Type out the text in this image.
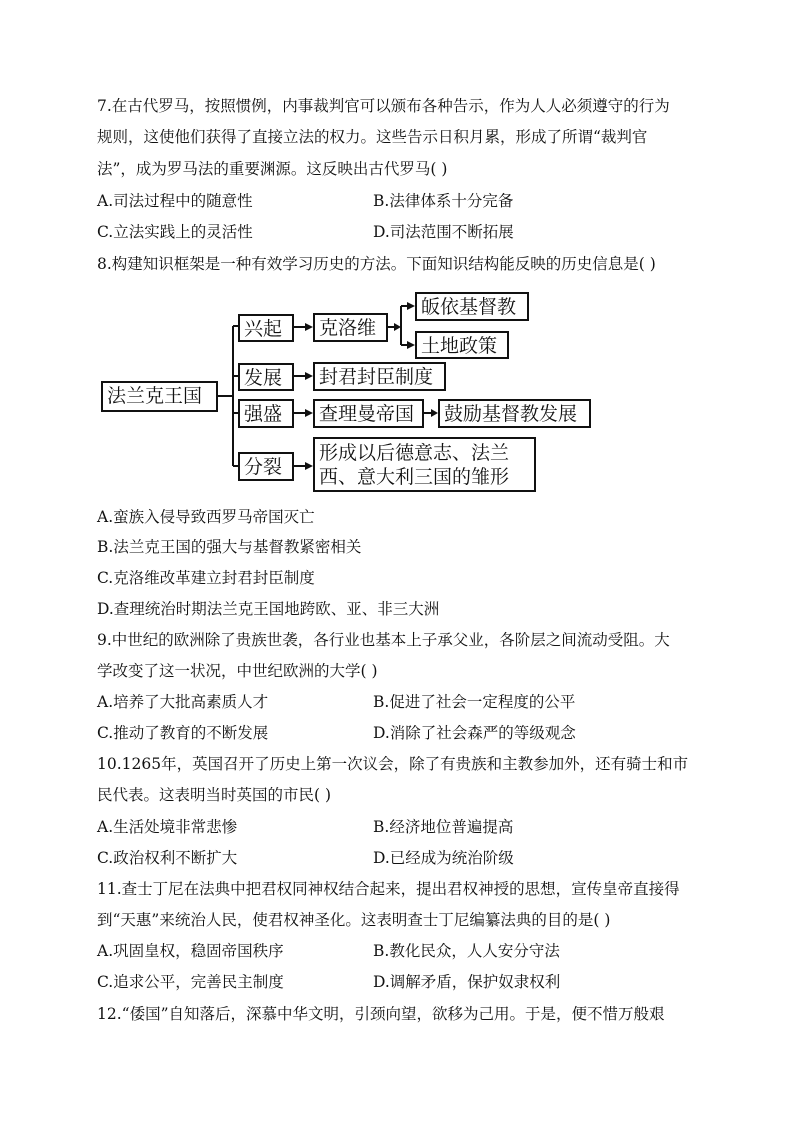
7.在古代罗马，按照惯例，内事裁判官可以颁布各种告示，作为人人必须遵守的行为
规则，这使他们获得了直接立法的权力。这些告示日积月累，形成了所谓“裁判官
法”，成为罗马法的重要渊源。这反映出古代罗马( )
A.司法过程中的随意性	B.法律体系十分完备
C.立法实践上的灵活性	D.司法范围不断拓展
8.构建知识框架是一种有效学习历史的方法。下面知识结构能反映的历史信息是( )
法兰克王国
兴起
发展
强盛
分裂
克洛维
皈依基督教
土地政策
封君封臣制度
查理曼帝国	鼓励基督教发展
形成以后德意志、法兰
西、意大利三国的雏形
A.蛮族入侵导致西罗马帝国灭亡
B.法兰克王国的强大与基督教紧密相关
C.克洛维改革建立封君封臣制度
D.查理统治时期法兰克王国地跨欧、亚、非三大洲
9.中世纪的欧洲除了贵族世袭，各行业也基本上子承父业，各阶层之间流动受阻。大
学改变了这一状况，中世纪欧洲的大学( )
A.培养了大批高素质人才	B.促进了社会一定程度的公平
C.推动了教育的不断发展	D.消除了社会森严的等级观念
10.1265年，英国召开了历史上第一次议会，除了有贵族和主教参加外，还有骑士和市
民代表。这表明当时英国的市民( )
A.生活处境非常悲惨	B.经济地位普遍提高
C.政治权利不断扩大	D.已经成为统治阶级
11.查士丁尼在法典中把君权同神权结合起来，提出君权神授的思想，宣传皇帝直接得
到“天惠”来统治人民，使君权神圣化。这表明查士丁尼编纂法典的目的是( )
A.巩固皇权，稳固帝国秩序	B.教化民众，人人安分守法
C.追求公平，完善民主制度	D.调解矛盾，保护奴隶权利
12.“倭国”自知落后，深慕中华文明，引颈向望，欲移为己用。于是，便不惜万般艰
